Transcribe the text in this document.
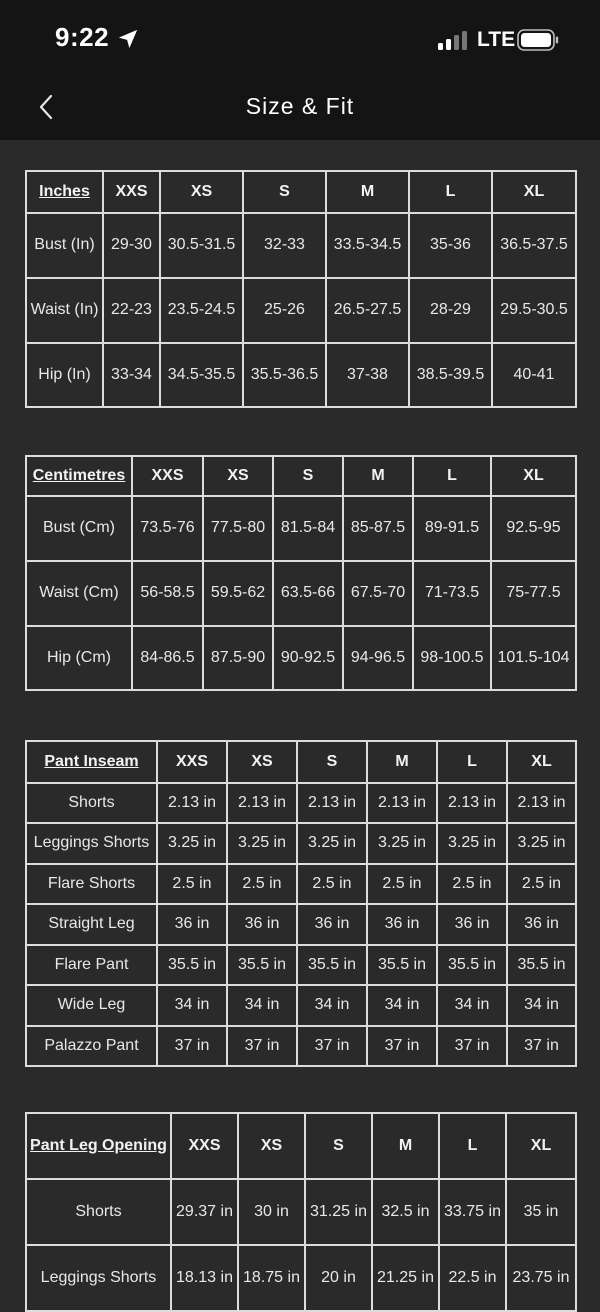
9:22	LTE
Size & Fit
Inches	XXS	XS	S	M	L	XL
Bust (In)	29-30	30.5-31.5	32-33	33.5-34.5	35-36	36.5-37.5
Waist (In)	22-23	23.5-24.5	25-26	26.5-27.5	28-29	29.5-30.5
Hip (In)	33-34	34.5-35.5	35.5-36.5	37-38	38.5-39.5	40-41
Centimetres	XXS	XS	S	M	L	XL
Bust (Cm)	73.5-76	77.5-80	81.5-84	85-87.5	89-91.5	92.5-95
Waist (Cm)	56-58.5	59.5-62	63.5-66	67.5-70	71-73.5	75-77.5
Hip (Cm)	84-86.5	87.5-90	90-92.5	94-96.5	98-100.5	101.5-104
Pant Inseam	XXS	XS	S	M	L	XL
Shorts	2.13 in	2.13 in	2.13 in	2.13 in	2.13 in	2.13 in
Leggings Shorts	3.25 in	3.25 in	3.25 in	3.25 in	3.25 in	3.25 in
Flare Shorts	2.5 in	2.5 in	2.5 in	2.5 in	2.5 in	2.5 in
Straight Leg	36 in	36 in	36 in	36 in	36 in	36 in
Flare Pant	35.5 in	35.5 in	35.5 in	35.5 in	35.5 in	35.5 in
Wide Leg	34 in	34 in	34 in	34 in	34 in	34 in
Palazzo Pant	37 in	37 in	37 in	37 in	37 in	37 in
Pant Leg Opening	XXS	XS	S	M	L	XL
Shorts	29.37 in	30 in	31.25 in	32.5 in	33.75 in	35 in
Leggings Shorts	18.13 in	18.75 in	20 in	21.25 in	22.5 in	23.75 in
